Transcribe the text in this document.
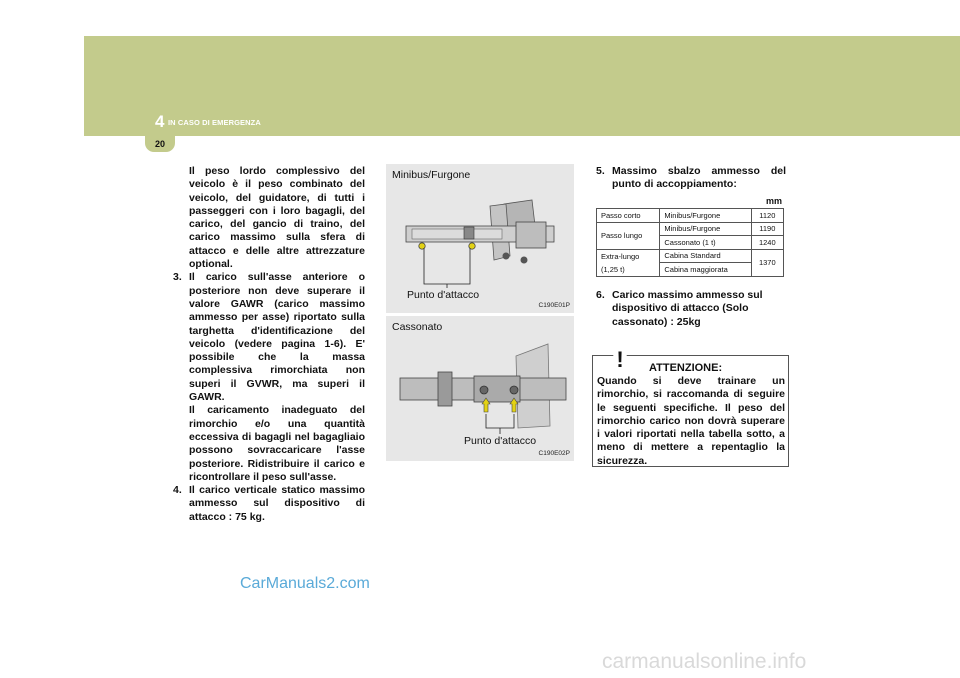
4 IN CASO DI EMERGENZA
20

Il peso lordo complessivo del veicolo è il peso combinato del veicolo, del guidatore, di tutti i passeggeri con i loro bagagli, del carico, del gancio di traino, del carico massimo sulla sfera di attacco e delle altre attrezzature optional.

3. Il carico sull'asse anteriore o posteriore non deve superare il valore GAWR (carico massimo ammesso per asse) riportato sulla targhetta d'identificazione del veicolo (vedere pagina 1-6). E' possibile che la massa complessiva rimorchiata non superi il GVWR, ma superi il GAWR.

Il caricamento inadeguato del rimorchio e/o una quantità eccessiva di bagagli nel bagagliaio possono sovraccaricare l'asse posteriore. Ridistribuire il carico e ricontrollare il peso sull'asse.

4. Il carico verticale statico massimo ammesso sul dispositivo di attacco : 75 kg.

Minibus/Furgone
Punto d'attacco
C190E01P
Cassonato
Punto d'attacco
C190E02P
5. Massimo sbalzo ammesso del punto di accoppiamento:

mm
Passo corto	Minibus/Furgone	1120
Passo lungo	Minibus/Furgone	1190
	Cassonato (1 t)	1240
Extra-lungo	Cabina Standard	1370
(1,25 t)	Cabina maggiorata	
6. Carico massimo ammesso sul dispositivo di attacco (Solo cassonato) : 25kg

! ATTENZIONE:
Quando si deve trainare un rimorchio, si raccomanda di seguire le seguenti specifiche. Il peso del rimorchio carico non dovrà superare i valori riportati nella tabella sotto, a meno di mettere a repentaglio la sicurezza.
CarManuals2.com
carmanualsonline.info
